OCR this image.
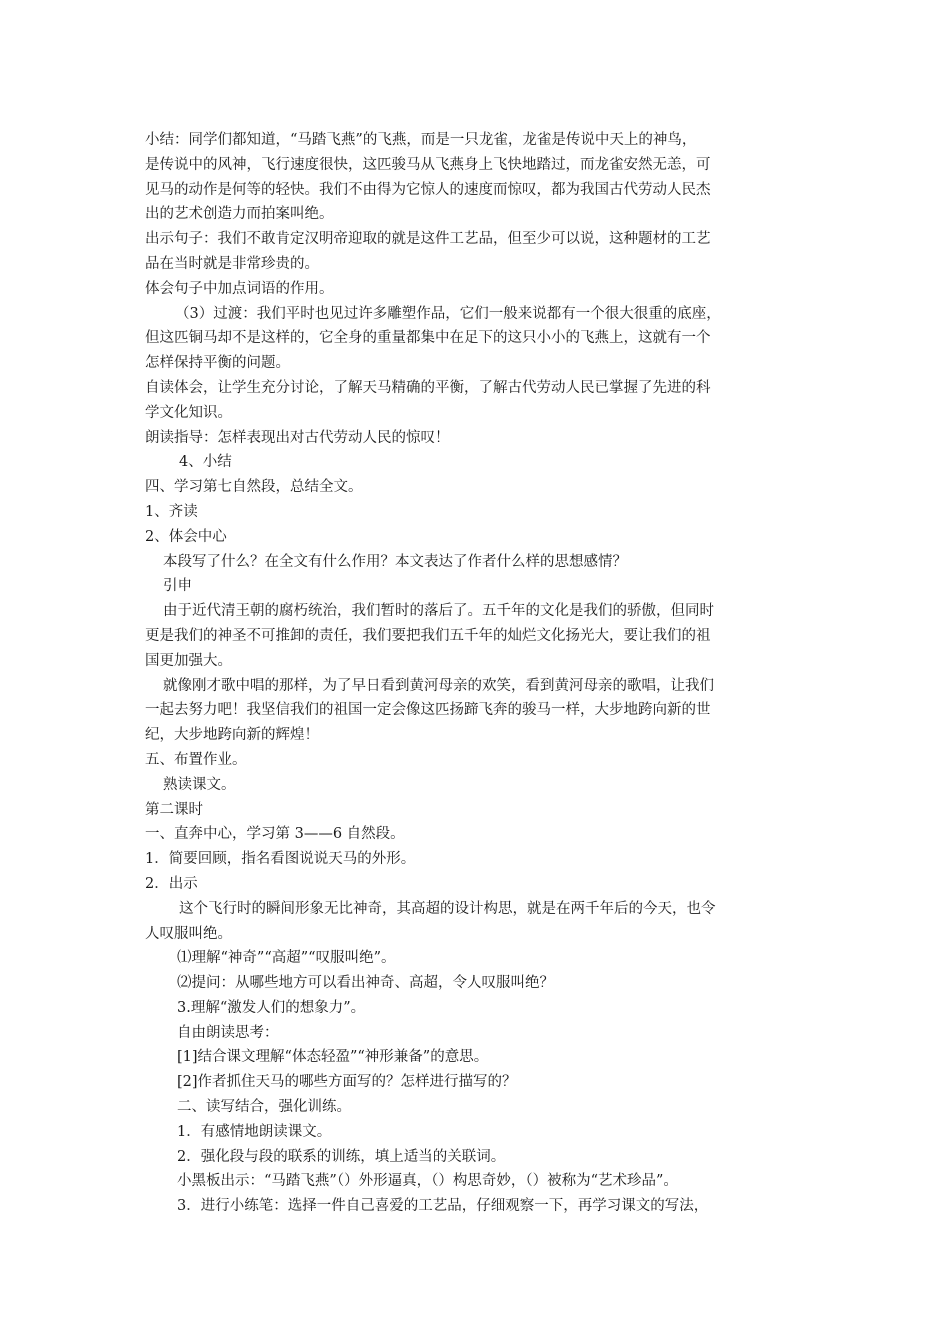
小结：同学们都知道，“马踏飞燕”的飞燕，而是一只龙雀，龙雀是传说中天上的神鸟，
是传说中的风神，飞行速度很快，这匹骏马从飞燕身上飞快地踏过，而龙雀安然无恙，可
见马的动作是何等的轻快。我们不由得为它惊人的速度而惊叹，都为我国古代劳动人民杰
出的艺术创造力而拍案叫绝。
出示句子：我们不敢肯定汉明帝迎取的就是这件工艺品，但至少可以说，这种题材的工艺
品在当时就是非常珍贵的。
体会句子中加点词语的作用。
（3）过渡：我们平时也见过许多雕塑作品，它们一般来说都有一个很大很重的底座，
但这匹铜马却不是这样的，它全身的重量都集中在足下的这只小小的飞燕上，这就有一个
怎样保持平衡的问题。
自读体会，让学生充分讨论，了解天马精确的平衡，了解古代劳动人民已掌握了先进的科
学文化知识。
朗读指导：怎样表现出对古代劳动人民的惊叹！
4、小结
四、学习第七自然段，总结全文。
1、齐读
2、体会中心
本段写了什么？在全文有什么作用？本文表达了作者什么样的思想感情？
引申
由于近代清王朝的腐朽统治，我们暂时的落后了。五千年的文化是我们的骄傲，但同时
更是我们的神圣不可推卸的责任，我们要把我们五千年的灿烂文化扬光大，要让我们的祖
国更加强大。
就像刚才歌中唱的那样，为了早日看到黄河母亲的欢笑，看到黄河母亲的歌唱，让我们
一起去努力吧！我坚信我们的祖国一定会像这匹扬蹄飞奔的骏马一样，大步地跨向新的世
纪，大步地跨向新的辉煌！
五、布置作业。
熟读课文。
第二课时
一、直奔中心，学习第 3——6 自然段。
1．简要回顾，指名看图说说天马的外形。
2．出示
这个飞行时的瞬间形象无比神奇，其高超的设计构思，就是在两千年后的今天，也令
人叹服叫绝。
⑴理解“神奇”“高超”“叹服叫绝”。
⑵提问：从哪些地方可以看出神奇、高超，令人叹服叫绝？
3.理解“激发人们的想象力”。
自由朗读思考：
[1]结合课文理解“体态轻盈”“神形兼备”的意思。
[2]作者抓住天马的哪些方面写的？怎样进行描写的？
二、读写结合，强化训练。
1．有感情地朗读课文。
2．强化段与段的联系的训练，填上适当的关联词。
小黑板出示：“马踏飞燕”（）外形逼真，（）构思奇妙，（）被称为“艺术珍品”。
3．进行小练笔：选择一件自己喜爱的工艺品，仔细观察一下，再学习课文的写法，
